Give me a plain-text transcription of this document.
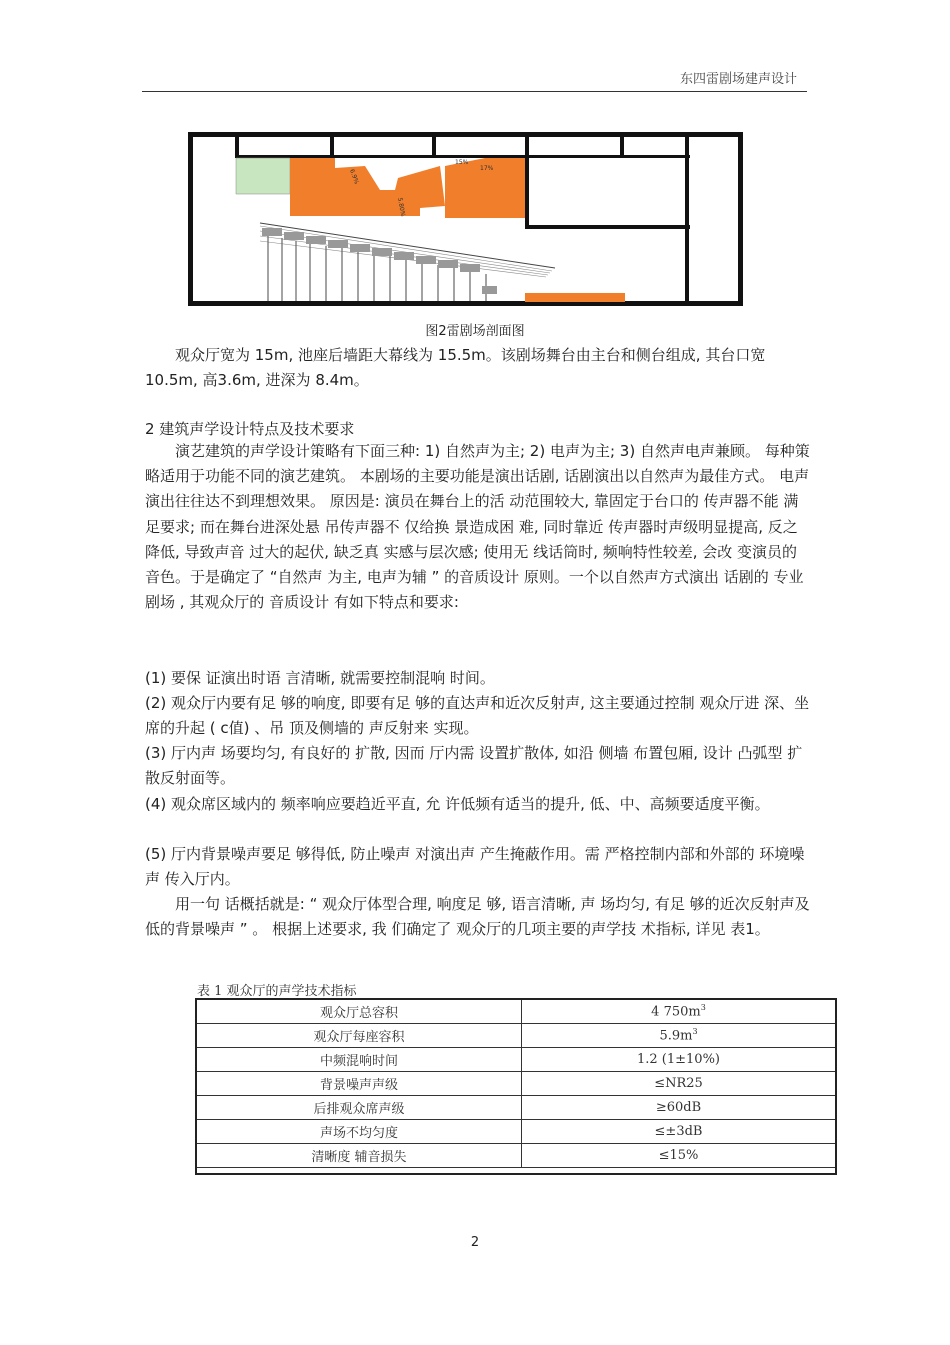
东四雷剧场建声设计
6.9%
5.80%
15%
17%
图2雷剧场剖面图

观众厅宽为 15m, 池座后墙距大幕线为 15.5m。该剧场舞台由主台和侧台组成, 其台口宽 10.5m, 高3.6m, 进深为 8.4m。

2 建筑声学设计特点及技术要求

演艺建筑的声学设计策略有下面三种: 1) 自然声为主; 2) 电声为主; 3) 自然声电声兼顾。 每种策略适用于功能不同的演艺建筑。 本剧场的主要功能是演出话剧, 话剧演出以自然声为最佳方式。 电声演出往往达不到理想效果。 原因是: 演员在舞台上的活 动范围较大, 靠固定于台口的 传声器不能 满足要求; 而在舞台进深处悬 吊传声器不 仅给换 景造成困 难, 同时靠近 传声器时声级明显提高, 反之降低, 导致声音 过大的起伏, 缺乏真 实感与层次感; 使用无 线话筒时, 频响特性较差, 会改 变演员的音色。于是确定了 “自然声 为主, 电声为辅 ” 的音质设计 原则。一个以自然声方式演出 话剧的 专业剧场 , 其观众厅的 音质设计 有如下特点和要求:

(1) 要保 证演出时语 言清晰, 就需要控制混响 时间。

(2) 观众厅内要有足 够的响度, 即要有足 够的直达声和近次反射声, 这主要通过控制 观众厅进 深、坐席的升起 ( c值) 、吊 顶及侧墙的 声反射来 实现。

(3) 厅内声 场要均匀, 有良好的 扩散, 因而 厅内需 设置扩散体, 如沿 侧墙 布置包厢, 设计 凸弧型 扩散反射面等。

(4) 观众席区域内的 频率响应要趋近平直, 允 许低频有适当的提升, 低、中、高频要适度平衡。

(5) 厅内背景噪声要足 够得低, 防止噪声 对演出声 产生掩蔽作用。需 严格控制内部和外部的 环境噪声 传入厅内。

用一句 话概括就是: “ 观众厅体型合理, 响度足 够, 语言清晰, 声 场均匀, 有足 够的近次反射声及低的背景噪声 ” 。 根据上述要求, 我 们确定了 观众厅的几项主要的声学技 术指标, 详见 表1。

表 1 观众厅的声学技术指标
观众厅总容积	4 $750m^3$
观众厅每座容积	$5.9m^3$
中频混响时间	1.2 (1±10%)
背景噪声声级	≤NR25
后排观众席声级	≥60dB
声场不均匀度	≤±3dB
清晰度 辅音损失	≤15%
2
